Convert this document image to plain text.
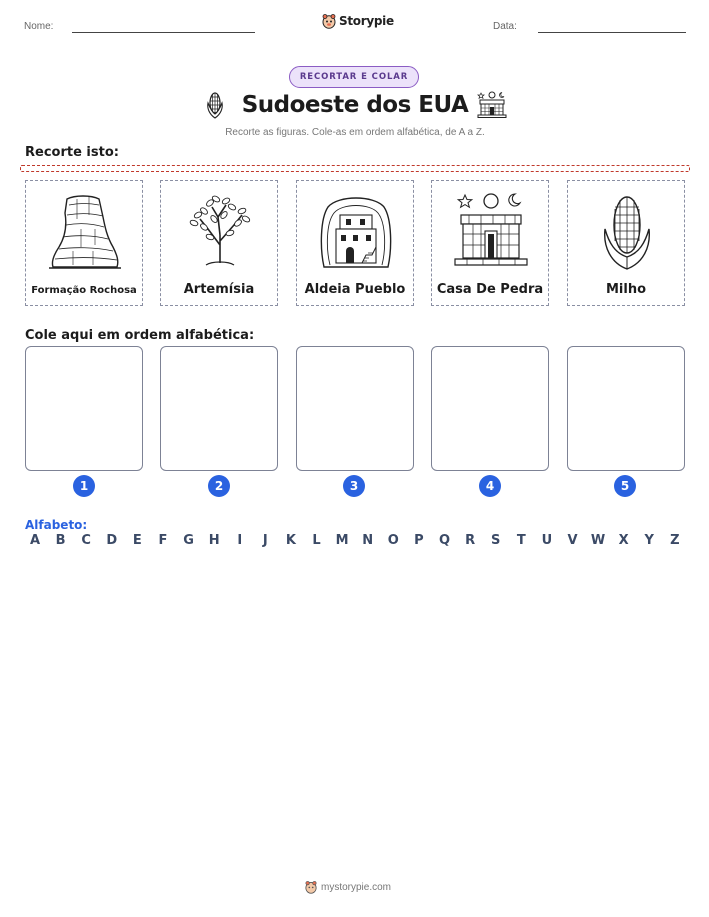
Nome:	Storypie	Data:
RECORTAR E COLAR
Sudoeste dos EUA
Recorte as figuras. Cole-as em ordem alfabética, de A a Z.
Recorte isto:
Formação Rochosa	Artemísia	Aldeia Pueblo	Casa De Pedra	Milho
Cole aqui em ordem alfabética:
1	2	3	4	5
Alfabeto:
A	B	C	D	E	F	G	H	I	J	K	L	M	N	O	P	Q	R	S	T	U	V	W	X	Y	Z
mystorypie.com
